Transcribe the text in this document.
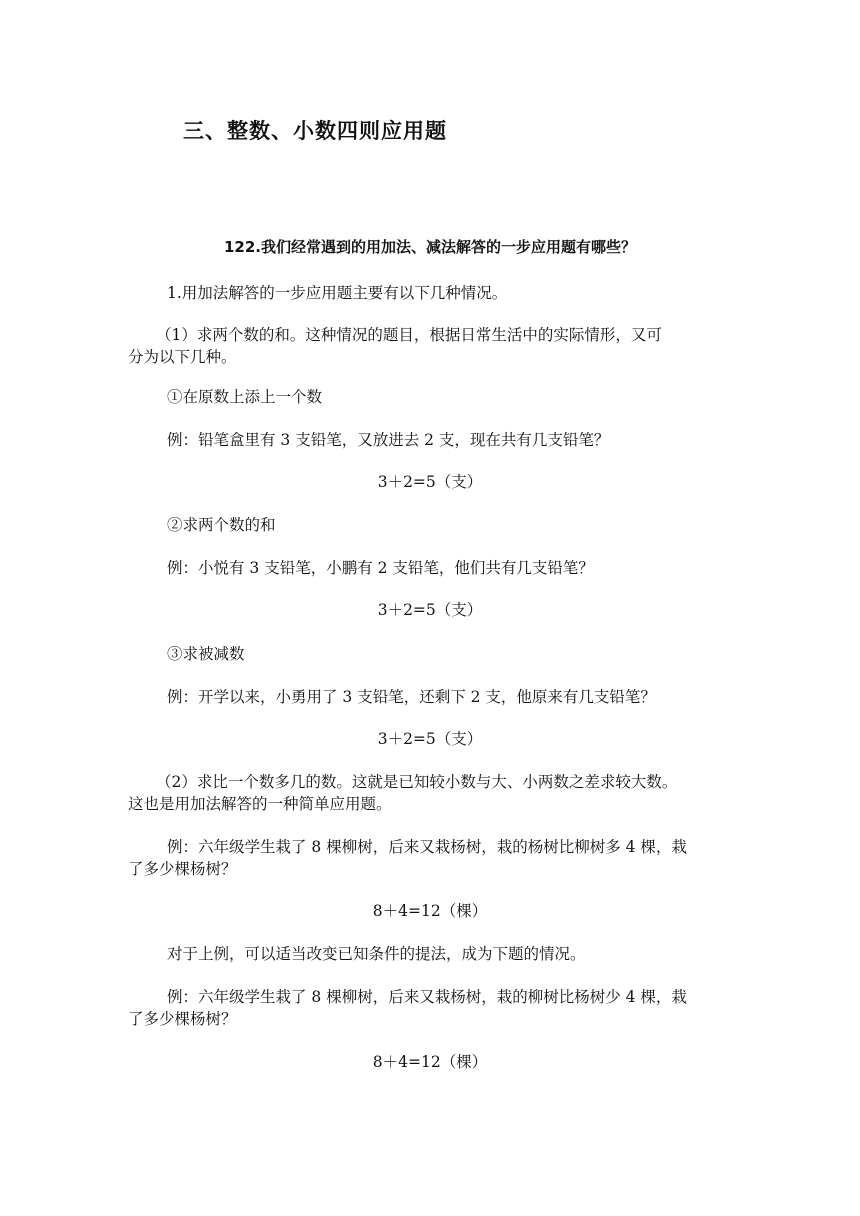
三、整数、小数四则应用题
122.我们经常遇到的用加法、减法解答的一步应用题有哪些？
1.用加法解答的一步应用题主要有以下几种情况。
（1）求两个数的和。这种情况的题目，根据日常生活中的实际情形，又可
分为以下几种。
①在原数上添上一个数
例：铅笔盒里有 3 支铅笔，又放进去 2 支，现在共有几支铅笔？
3＋2=5（支）
②求两个数的和
例：小悦有 3 支铅笔，小鹏有 2 支铅笔，他们共有几支铅笔？
3＋2=5（支）
③求被减数
例：开学以来，小勇用了 3 支铅笔，还剩下 2 支，他原来有几支铅笔？
3＋2=5（支）
（2）求比一个数多几的数。这就是已知较小数与大、小两数之差求较大数。
这也是用加法解答的一种简单应用题。
例：六年级学生栽了 8 棵柳树，后来又栽杨树，栽的杨树比柳树多 4 棵，栽
了多少棵杨树？
8＋4=12（棵）
对于上例，可以适当改变已知条件的提法，成为下题的情况。
例：六年级学生栽了 8 棵柳树，后来又栽杨树，栽的柳树比杨树少 4 棵，栽
了多少棵杨树？
8＋4=12（棵）
